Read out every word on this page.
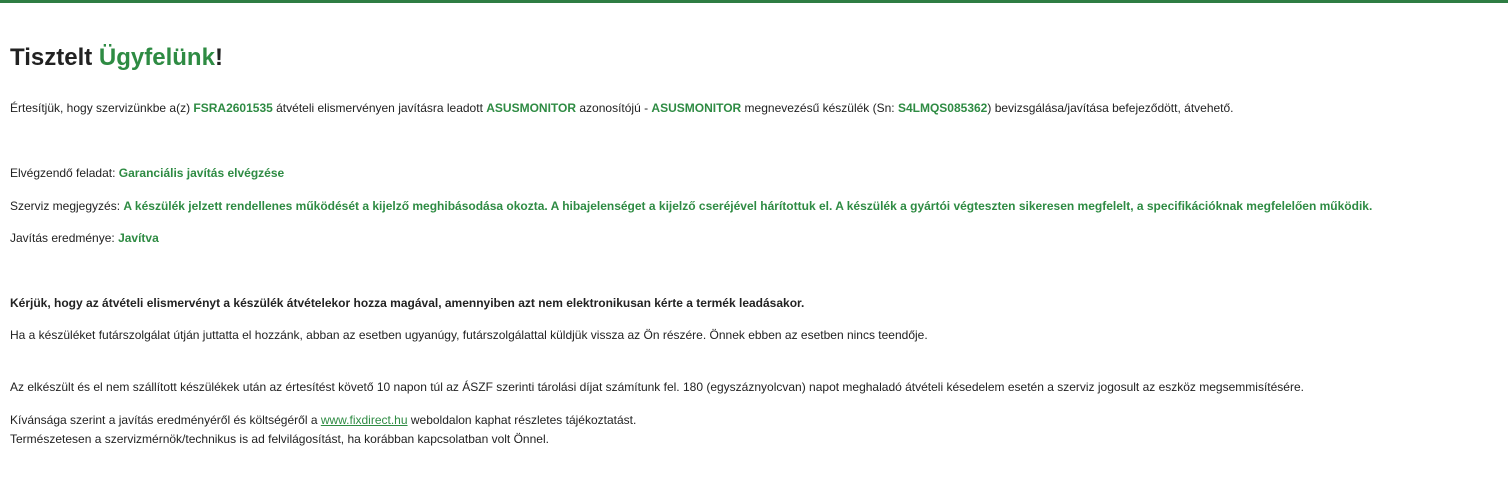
Tisztelt Ügyfelünk!
Értesítjük, hogy szervizünkbe a(z) FSRA2601535 átvételi elismervényen javításra leadott ASUSMONITOR azonosítójú - ASUSMONITOR megnevezésű készülék (Sn: S4LMQS085362) bevizsgálása/javítása befejeződött, átvehető.
Elvégzendő feladat: Garanciális javítás elvégzése
Szerviz megjegyzés: A készülék jelzett rendellenes működését a kijelző meghibásodása okozta. A hibajelenséget a kijelző cseréjével hárítottuk el. A készülék a gyártói végteszten sikeresen megfelelt, a specifikációknak megfelelően működik.
Javítás eredménye: Javítva
Kérjük, hogy az átvételi elismervényt a készülék átvételekor hozza magával, amennyiben azt nem elektronikusan kérte a termék leadásakor.
Ha a készüléket futárszolgálat útján juttatta el hozzánk, abban az esetben ugyanúgy, futárszolgálattal küldjük vissza az Ön részére. Önnek ebben az esetben nincs teendője.
Az elkészült és el nem szállított készülékek után az értesítést követő 10 napon túl az ÁSZF szerinti tárolási díjat számítunk fel. 180 (egyszáznyolcvan) napot meghaladó átvételi késedelem esetén a szerviz jogosult az eszköz megsemmisítésére.
Kívánsága szerint a javítás eredményéről és költségéről a www.fixdirect.hu weboldalon kaphat részletes tájékoztatást.
Természetesen a szervizmérnök/technikus is ad felvilágosítást, ha korábban kapcsolatban volt Önnel.
